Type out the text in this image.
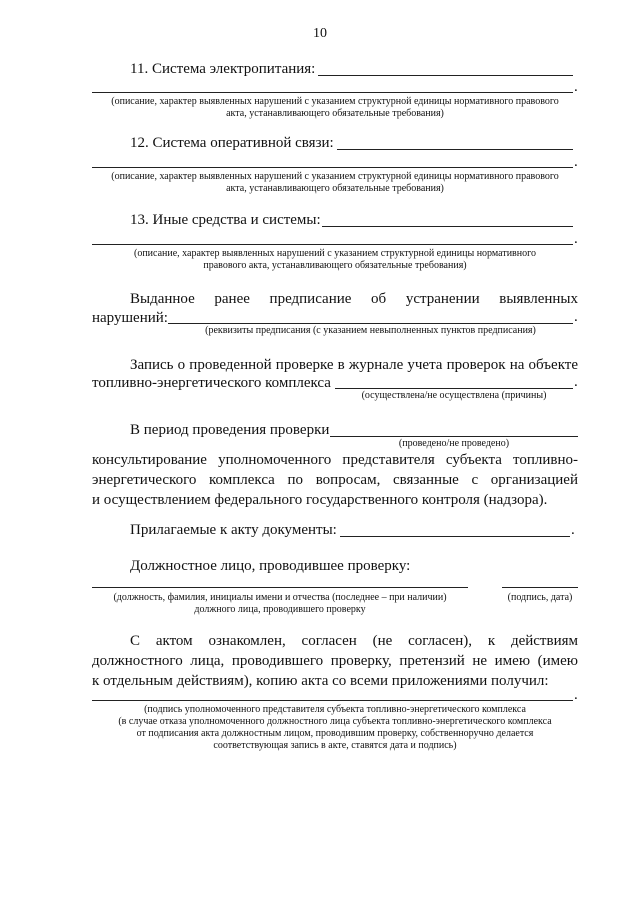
10
11. Система электропитания:
.
(описание, характер выявленных нарушений с указанием структурной единицы нормативного правового
акта, устанавливающего обязательные требования)
12. Система оперативной связи:
.
(описание, характер выявленных нарушений с указанием структурной единицы нормативного правового
акта, устанавливающего обязательные требования)
13. Иные средства и системы:
.
(описание, характер выявленных нарушений с указанием структурной единицы нормативного
правового акта, устанавливающего обязательные требования)
Выданное ранее предписание об устранении выявленных
нарушений:	.
(реквизиты предписания (с указанием невыполненных пунктов предписания)
Запись о проведенной проверке в журнале учета проверок на объекте
топливно-энергетического комплекса	.
(осуществлена/не осуществлена (причины)
В период проведения проверки
(проведено/не проведено)
консультирование уполномоченного представителя субъекта топливно-
энергетического комплекса по вопросам, связанные с организацией
и осуществлением федерального государственного контроля (надзора).
Прилагаемые к акту документы:	.
Должностное лицо, проводившее проверку:
(должность, фамилия, инициалы имени и отчества (последнее – при наличии)
должного лица, проводившего проверку
(подпись, дата)
С актом ознакомлен, согласен (не согласен), к действиям
должностного лица, проводившего проверку, претензий не имею (имею
к отдельным действиям), копию акта со всеми приложениями получил:
.
(подпись уполномоченного представителя субъекта топливно-энергетического комплекса
(в случае отказа уполномоченного должностного лица субъекта топливно-энергетического комплекса
от подписания акта должностным лицом, проводившим проверку, собственноручно делается
соответствующая запись в акте, ставятся дата и подпись)
